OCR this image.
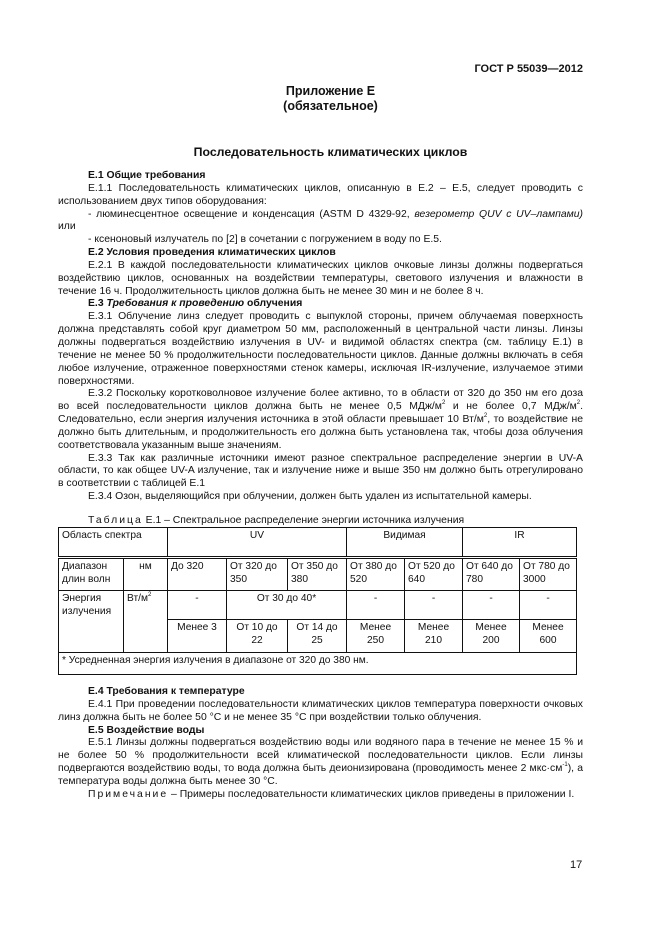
ГОСТ Р 55039—2012
Приложение Е
(обязательное)
Последовательность климатических циклов
Е.1 Общие требования

Е.1.1 Последовательность климатических циклов, описанную в Е.2 – Е.5, следует проводить с использованием двух типов оборудования:

- люминесцентное освещение и конденсация (ASTM D 4329-92, везерометр QUV с UV–лампами) или

- ксеноновый излучатель по [2] в сочетании с погружением в воду по Е.5.

Е.2 Условия проведения климатических циклов

Е.2.1 В каждой последовательности климатических циклов очковые линзы должны подвергаться воздействию циклов, основанных на воздействии температуры, светового излучения и влажности в течение 16 ч. Продолжительность циклов должна быть не менее 30 мин и не более 8 ч.

Е.3 Требования к проведению облучения

Е.3.1 Облучение линз следует проводить с выпуклой стороны, причем облучаемая поверхность должна представлять собой круг диаметром 50 мм, расположенный в центральной части линзы. Линзы должны подвергаться воздействию излучения в UV- и видимой областях спектра (см. таблицу Е.1) в течение не менее 50 % продолжительности последовательности циклов. Данные должны включать в себя любое излучение, отраженное поверхностями стенок камеры, исключая IR-излучение, излучаемое этими поверхностями.

Е.3.2 Поскольку коротковолновое излучение более активно, то в области от 320 до 350 нм его доза во всей последовательности циклов должна быть не менее 0,5 МДж/$м^2$ и не более 0,7 МДж/$м^2$. Следовательно, если энергия излучения источника в этой области превышает 10 $Вт/м^2$, то воздействие не должно быть длительным, и продолжительность его должна быть установлена так, чтобы доза облучения соответствовала указанным выше значениям.

Е.3.3 Так как различные источники имеют разное спектральное распределение энергии в UV-A области, то как общее UV-A излучение, так и излучение ниже и выше 350 нм должно быть отрегулировано в соответствии с таблицей Е.1

Е.3.4 Озон, выделяющийся при облучении, должен быть удален из испытательной камеры.

Таблица Е.1 – Спектральное распределение энергии источника излучения
Область спектра		UV			Видимая		IR	
Диапазон длин волн	нм	До 320	От 320 до 350	От 350 до 380	От 380 до 520	От 520 до 640	От 640 до 780	От 780 до 3000
Энергия излучения	$Вт/м^2$	-	От 30 до 40*		-	-	-	-
		Менее 3	От 10 до 22	От 14 до 25	Менее 250	Менее 210	Менее 200	Менее 600
* Усредненная энергия излучения в диапазоне от 320 до 380 нм.								
Е.4 Требования к температуре

Е.4.1 При проведении последовательности климатических циклов температура поверхности очковых линз должна быть не более 50 °С и не менее 35 °С при воздействии только облучения.

Е.5 Воздействие воды

Е.5.1 Линзы должны подвергаться воздействию воды или водяного пара в течение не менее 15 % и не более 50 % продолжительности всей климатической последовательности циклов. Если линзы подвергаются воздействию воды, то вода должна быть деионизирована (проводимость менее 2 $мкс\cdot см^{-1}$), а температура воды должна быть менее 30 °С.

Примечание – Примеры последовательности климатических циклов приведены в приложении I.

17
